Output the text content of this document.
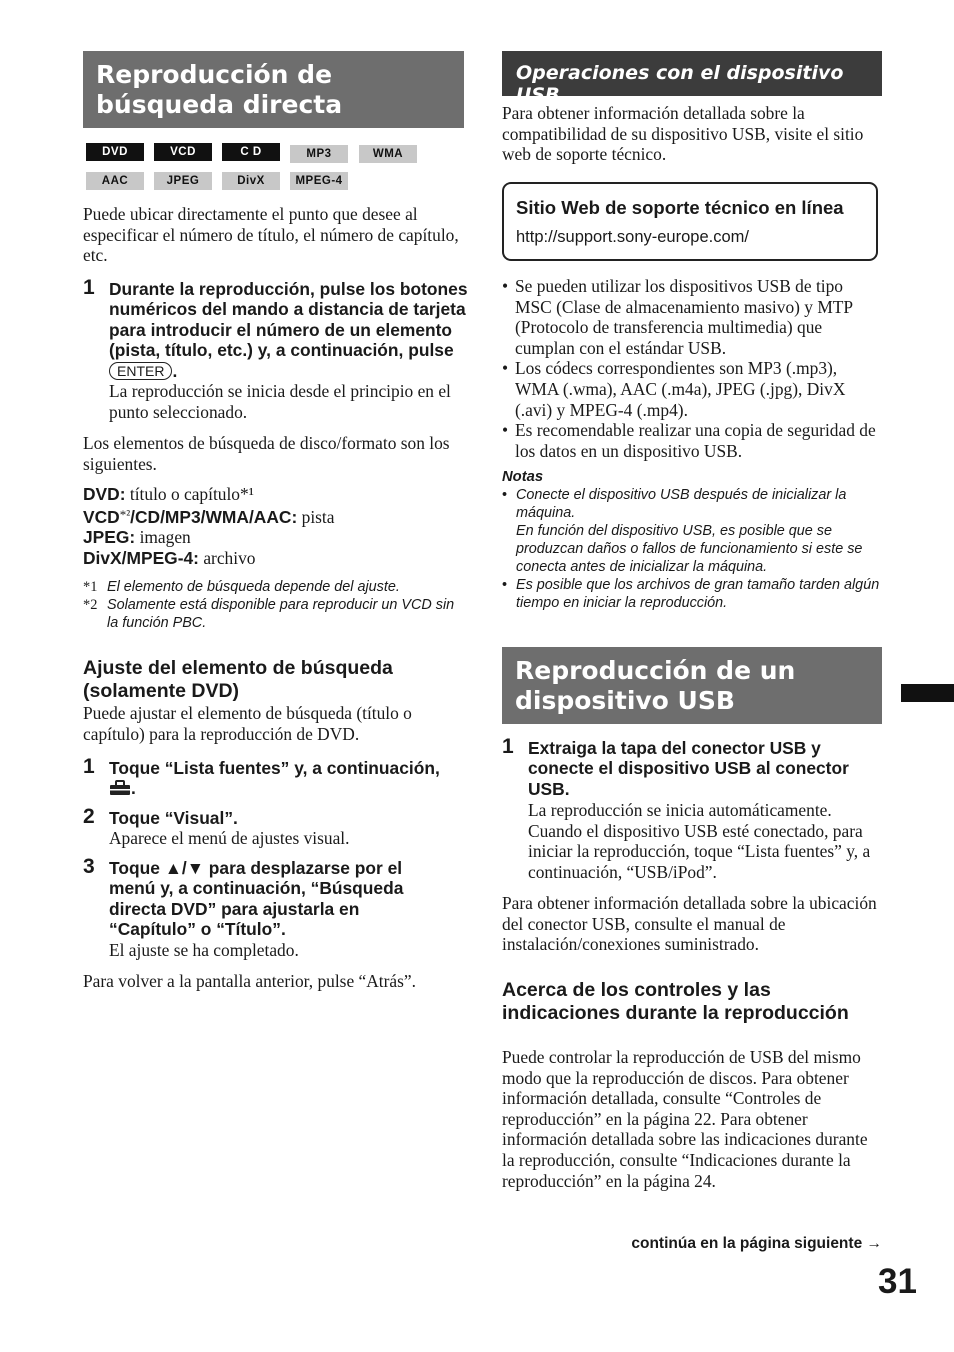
Reproducción de búsqueda directa
DVD	VCD	C D	MP3	WMA
AAC	JPEG	DivX	MPEG-4

Puede ubicar directamente el punto que desee al especificar el número de título, el número de capítulo, etc.

1 Durante la reproducción, pulse los botones numéricos del mando a distancia de tarjeta para introducir el número de un elemento (pista, título, etc.) y, a continuación, pulse ENTER .

La reproducción se inicia desde el principio en el punto seleccionado.

Los elementos de búsqueda de disco/formato son los siguientes.

DVD: título o capítulo*¹
$VCD^{*^2}/CD/MP3/WMA$/AAC: pista
JPEG: imagen
DivX/MPEG-4: archivo
*1 El elemento de búsqueda depende del ajuste.
*2 Solamente está disponible para reproducir un VCD sin la función PBC.
Ajuste del elemento de búsqueda (solamente DVD)

Puede ajustar el elemento de búsqueda (título o capítulo) para la reproducción de DVD.

1 Toque “Lista fuentes” y, a continuación, .
2 Toque “Visual”.

Aparece el menú de ajustes visual.

3 Toque ▲/▼ para desplazarse por el menú y, a continuación, “Búsqueda directa DVD” para ajustarla en “Capítulo” o “Título”.

El ajuste se ha completado.

Para volver a la pantalla anterior, pulse “Atrás”.

Operaciones con el dispositivo USB

Para obtener información detallada sobre la compatibilidad de su dispositivo USB, visite el sitio web de soporte técnico.

Sitio Web de soporte técnico en línea
http://support.sony-europe.com/
• Se pueden utilizar los dispositivos USB de tipo MSC (Clase de almacenamiento masivo) y MTP (Protocolo de transferencia multimedia) que cumplan con el estándar USB.
• Los códecs correspondientes son MP3 (.mp3), WMA (.wma), AAC (.m4a), JPEG (.jpg), DivX (.avi) y MPEG-4 (.mp4).
• Es recomendable realizar una copia de seguridad de los datos en un dispositivo USB.
Notas
• Conecte el dispositivo USB después de inicializar la máquina.
En función del dispositivo USB, es posible que se produzcan daños o fallos de funcionamiento si este se conecta antes de inicializar la máquina.
• Es posible que los archivos de gran tamaño tarden algún tiempo en iniciar la reproducción.
Reproducción de un dispositivo USB
1 Extraiga la tapa del conector USB y conecte el dispositivo USB al conector USB.

La reproducción se inicia automáticamente. Cuando el dispositivo USB esté conectado, para iniciar la reproducción, toque “Lista fuentes” y, a continuación, “USB/iPod”.

Para obtener información detallada sobre la ubicación del conector USB, consulte el manual de instalación/conexiones suministrado.

Acerca de los controles y las indicaciones durante la reproducción

Puede controlar la reproducción de USB del mismo modo que la reproducción de discos. Para obtener información detallada, consulte “Controles de reproducción” en la página 22. Para obtener información detallada sobre las indicaciones durante la reproducción, consulte “Indicaciones durante la reproducción” en la página 24.

continúa en la página siguiente →
31
